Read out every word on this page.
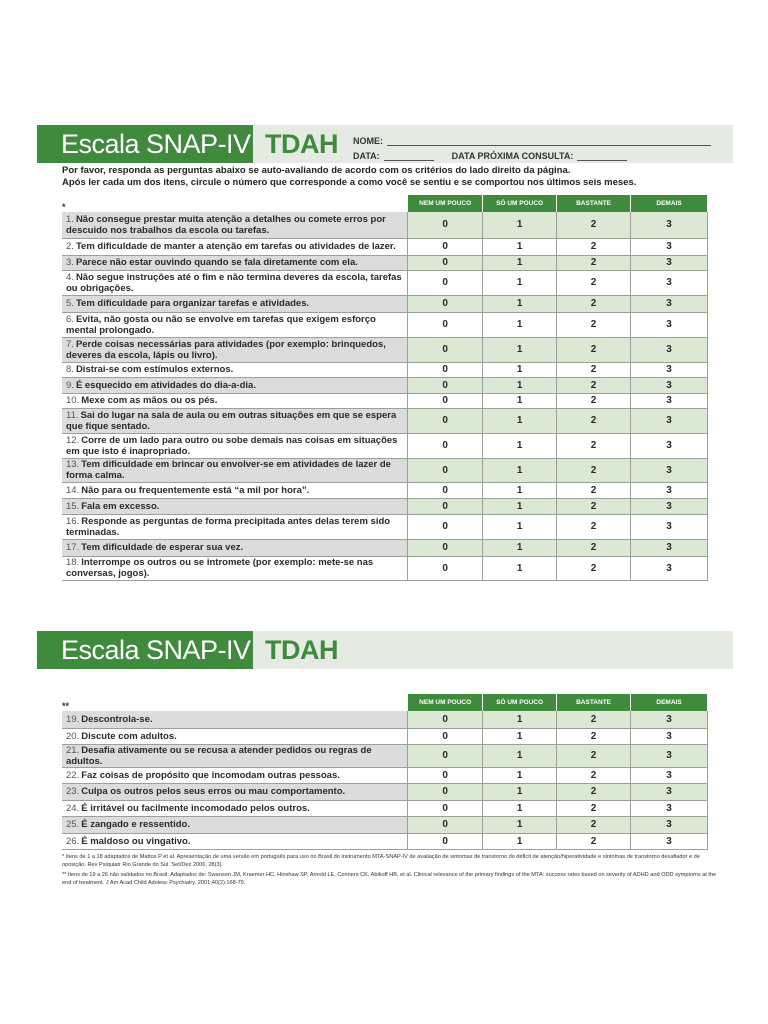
Escala SNAP-IV TDAH NOME:
DATA:	DATA PRÓXIMA CONSULTA:
Por favor, responda as perguntas abaixo se auto-avaliando de acordo com os critérios do lado direito da página.
Após ler cada um dos itens, circule o número que corresponde a como você se sentiu e se comportou nos últimos seis meses.
*	NEM UM POUCO	SÓ UM POUCO	BASTANTE	DEMAIS
1. Não consegue prestar muita atenção a detalhes ou comete erros por descuido nos trabalhos da escola ou tarefas.	0	1	2	3
2. Tem dificuldade de manter a atenção em tarefas ou atividades de lazer.	0	1	2	3
3. Parece não estar ouvindo quando se fala diretamente com ela.	0	1	2	3
4. Não segue instruções até o fim e não termina deveres da escola, tarefas ou obrigações.	0	1	2	3
5. Tem dificuldade para organizar tarefas e atividades.	0	1	2	3
6. Evita, não gosta ou não se envolve em tarefas que exigem esforço mental prolongado.	0	1	2	3
7. Perde coisas necessárias para atividades (por exemplo: brinquedos, deveres da escola, lápis ou livro).	0	1	2	3
8. Distrai-se com estímulos externos.	0	1	2	3
9. É esquecido em atividades do dia-a-dia.	0	1	2	3
10. Mexe com as mãos ou os pés.	0	1	2	3
11. Sai do lugar na sala de aula ou em outras situações em que se espera que fique sentado.	0	1	2	3
12. Corre de um lado para outro ou sobe demais nas coisas em situações em que isto é inapropriado.	0	1	2	3
13. Tem dificuldade em brincar ou envolver-se em atividades de lazer de forma calma.	0	1	2	3
14. Não para ou frequentemente está “a mil por hora”.	0	1	2	3
15. Fala em excesso.	0	1	2	3
16. Responde as perguntas de forma precipitada antes delas terem sido terminadas.	0	1	2	3
17. Tem dificuldade de esperar sua vez.	0	1	2	3
18. Interrompe os outros ou se intromete (por exemplo: mete-se nas conversas, jogos).	0	1	2	3
Escala SNAP-IV TDAH
**	NEM UM POUCO	SÓ UM POUCO	BASTANTE	DEMAIS
19. Descontrola-se.	0	1	2	3
20. Discute com adultos.	0	1	2	3
21. Desafia ativamente ou se recusa a atender pedidos ou regras de adultos.	0	1	2	3
22. Faz coisas de propósito que incomodam outras pessoas.	0	1	2	3
23. Culpa os outros pelos seus erros ou mau comportamento.	0	1	2	3
24. É irritável ou facilmente incomodado pelos outros.	0	1	2	3
25. É zangado e ressentido.	0	1	2	3
26. É maldoso ou vingativo.	0	1	2	3

* Itens de 1 a 18 adaptados de Mattos P et al. Apresentação de uma versão em português para uso no Brasil do instrumento MTA-SNAP-IV de avaliação de sintomas de transtorno do déficit de atenção/hiperatividade e sintomas de transtorno desafiador e de oposição. Rev Psiquiatr Rio Grande do Sul. Set/Dez 2006; 28(3).

** Itens de 19 a 26 não validados no Brasil. Adaptados de: Swanson JM, Kraemer HC, Hinshaw SP, Arnold LE, Conners CK, Abikoff HB, et al. Clinical relevance of the primary findings of the MTA: success rates based on severity of ADHD and ODD symptoms at the end of treatment. J Am Acad Child Adolesc Psychiatry. 2001;40(2):168-79.
